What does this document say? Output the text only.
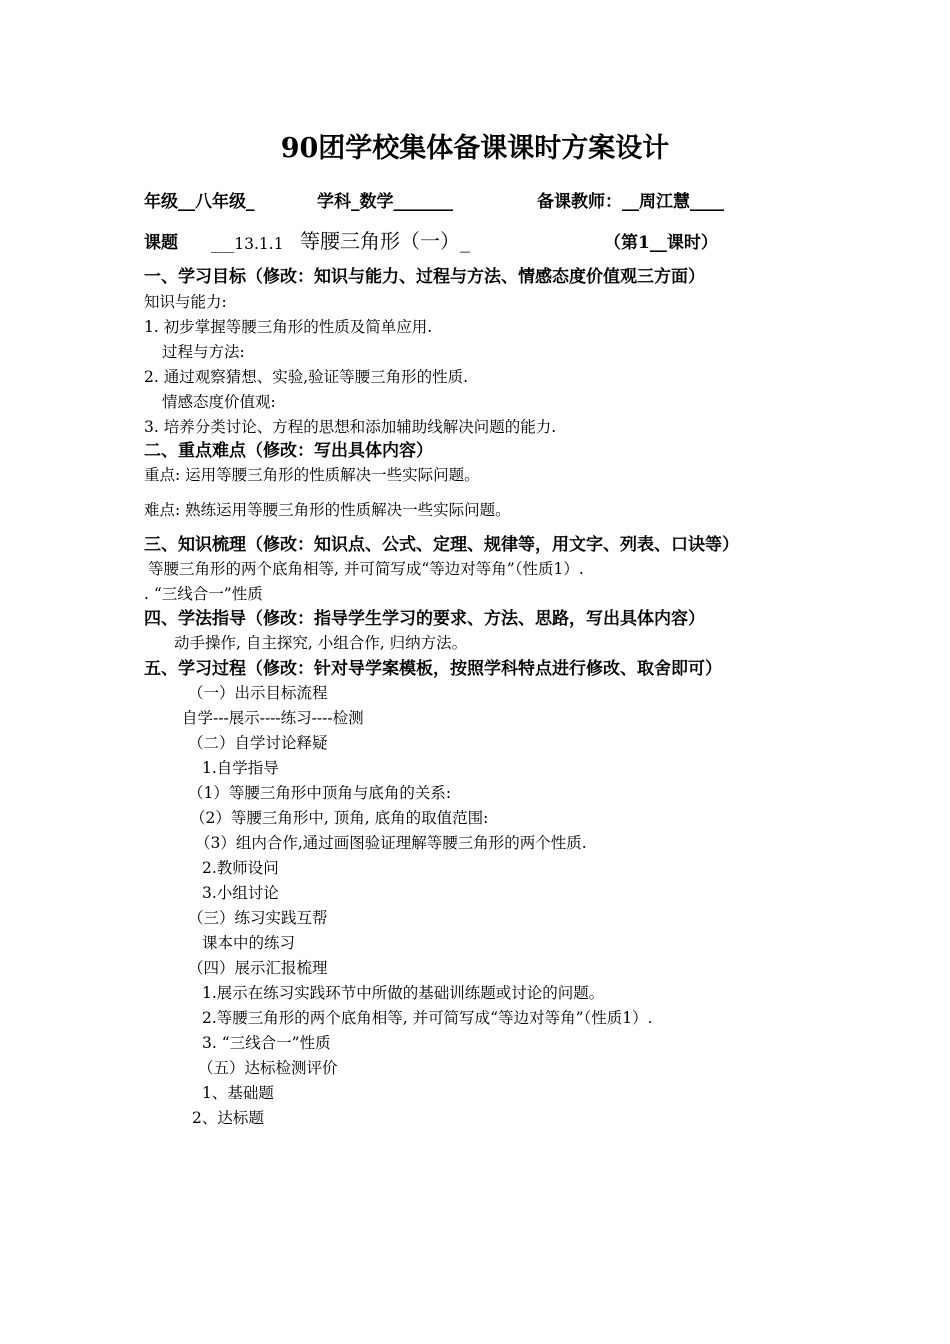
90团学校集体备课课时方案设计
年级__八年级_	学科_数学_______	备课教师：__周江慧____
课题 ___13.1.1 等腰三角形（一）_	（第1__课时）
一、学习目标（修改：知识与能力、过程与方法、情感态度价值观三方面）
知识与能力:
1. 初步掌握等腰三角形的性质及简单应用.
过程与方法:
2. 通过观察猜想、实验,验证等腰三角形的性质.
情感态度价值观:
3. 培养分类讨论、方程的思想和添加辅助线解决问题的能力.
二、重点难点（修改：写出具体内容）
重点: 运用等腰三角形的性质解决一些实际问题。
难点: 熟练运用等腰三角形的性质解决一些实际问题。
三、知识梳理（修改：知识点、公式、定理、规律等，用文字、列表、口诀等）
等腰三角形的两个底角相等, 并可简写成“等边对等角”（性质1）.
. “三线合一”性质
四、学法指导（修改：指导学生学习的要求、方法、思路，写出具体内容）
动手操作, 自主探究, 小组合作, 归纳方法。
五、学习过程（修改：针对导学案模板，按照学科特点进行修改、取舍即可）
（一）出示目标流程
自学---展示----练习----检测
（二）自学讨论释疑
1.自学指导
（1）等腰三角形中顶角与底角的关系:
（2）等腰三角形中, 顶角, 底角的取值范围:
（3）组内合作,通过画图验证理解等腰三角形的两个性质.
2.教师设问
3.小组讨论
（三）练习实践互帮
课本中的练习
（四）展示汇报梳理
1.展示在练习实践环节中所做的基础训练题或讨论的问题。
2.等腰三角形的两个底角相等, 并可简写成“等边对等角”（性质1）.
3. “三线合一”性质
（五）达标检测评价
1、基础题
2、达标题
